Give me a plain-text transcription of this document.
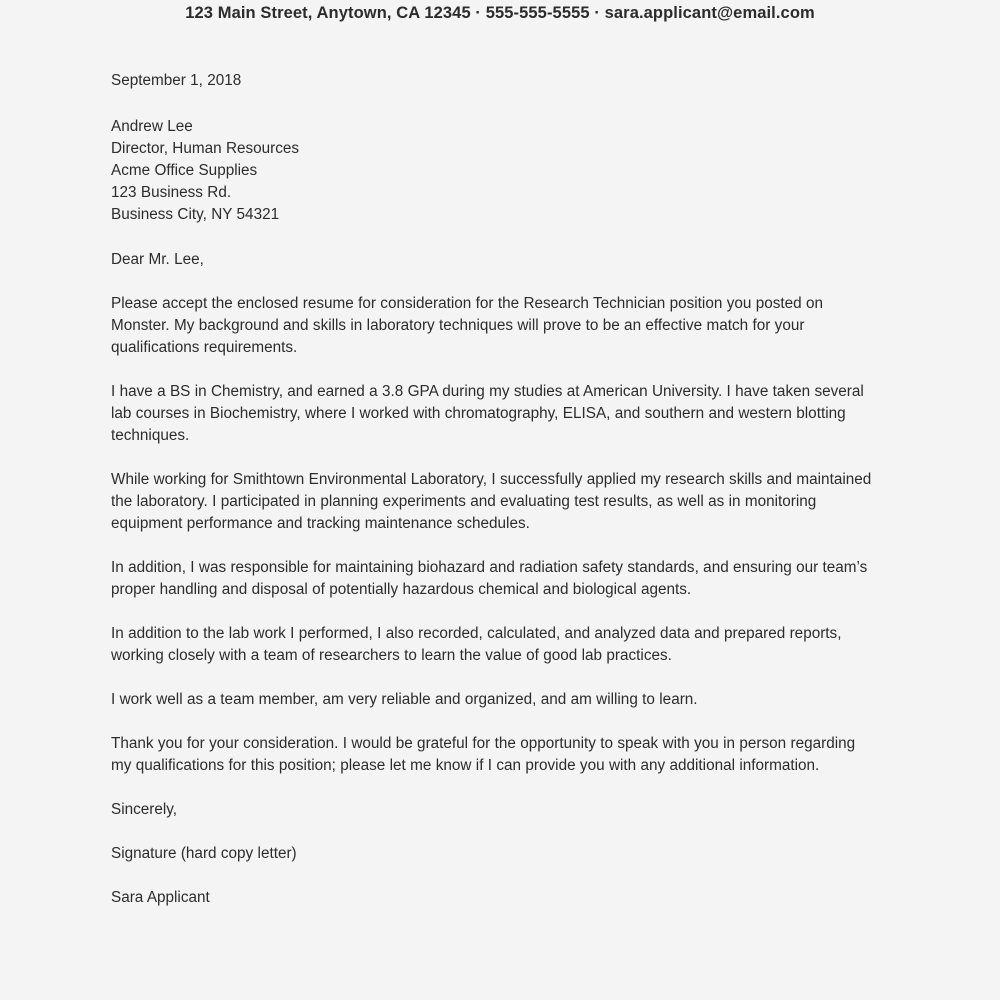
123 Main Street, Anytown, CA 12345 · 555-555-5555 · sara.applicant@email.com
September 1, 2018
Andrew Lee
Director, Human Resources
Acme Office Supplies
123 Business Rd.
Business City, NY 54321
Dear Mr. Lee,
Please accept the enclosed resume for consideration for the Research Technician position you posted on Monster. My background and skills in laboratory techniques will prove to be an effective match for your qualifications requirements.
I have a BS in Chemistry, and earned a 3.8 GPA during my studies at American University. I have taken several lab courses in Biochemistry, where I worked with chromatography, ELISA, and southern and western blotting techniques.
While working for Smithtown Environmental Laboratory, I successfully applied my research skills and maintained the laboratory. I participated in planning experiments and evaluating test results, as well as in monitoring equipment performance and tracking maintenance schedules.
In addition, I was responsible for maintaining biohazard and radiation safety standards, and ensuring our team’s proper handling and disposal of potentially hazardous chemical and biological agents.
In addition to the lab work I performed, I also recorded, calculated, and analyzed data and prepared reports, working closely with a team of researchers to learn the value of good lab practices.
I work well as a team member, am very reliable and organized, and am willing to learn.
Thank you for your consideration. I would be grateful for the opportunity to speak with you in person regarding my qualifications for this position; please let me know if I can provide you with any additional information.
Sincerely,
Signature (hard copy letter)
Sara Applicant
